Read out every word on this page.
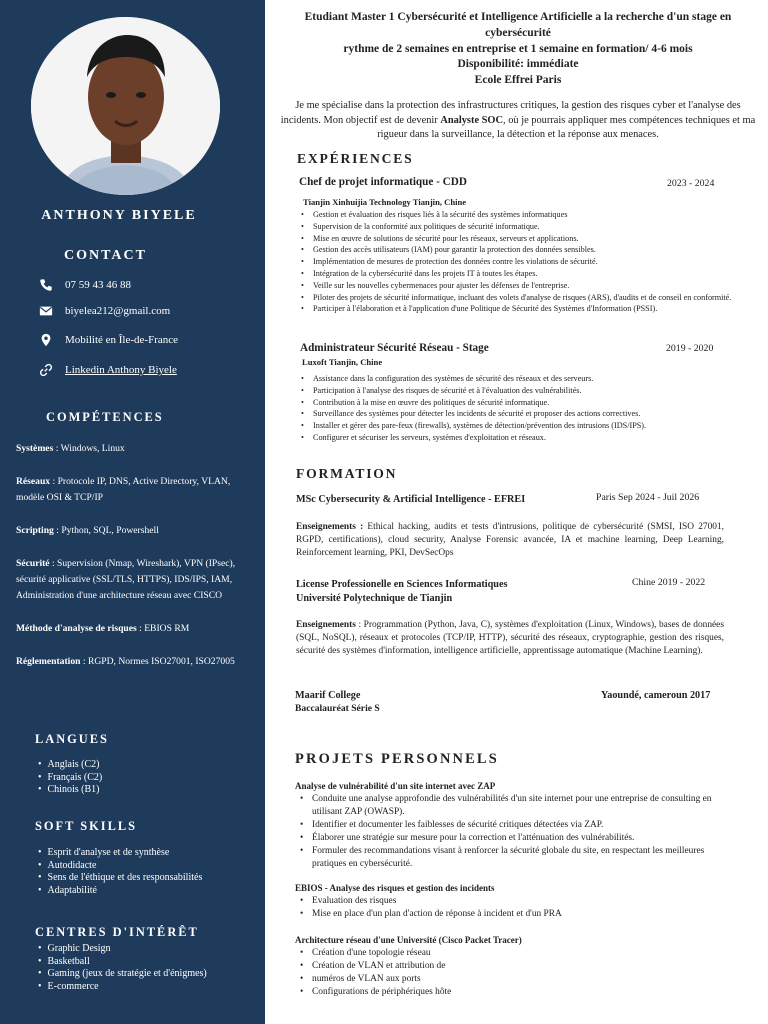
ANTHONY BIYELE
CONTACT
07 59 43 46 88
biyelea212@gmail.com
Mobilité en Île-de-France
Linkedin Anthony Biyele
COMPÉTENCES
Systèmes : Windows, Linux
Réseaux : Protocole IP, DNS, Active Directory, VLAN, modèle OSI & TCP/IP
Scripting : Python, SQL, Powershell
Sécurité : Supervision (Nmap, Wireshark), VPN (IPsec), sécurité applicative (SSL/TLS, HTTPS), IDS/IPS, IAM, Administration d'une architecture réseau avec CISCO
Méthode d'analyse de risques : EBIOS RM
Réglementation : RGPD, Normes ISO27001, ISO27005
LANGUES
• Anglais (C2)
• Français (C2)
• Chinois (B1)
SOFT SKILLS
• Esprit d'analyse et de synthèse
• Autodidacte
• Sens de l'éthique et des responsabilités
• Adaptabilité
CENTRES D'INTÉRÊT
• Graphic Design
• Basketball
• Gaming (jeux de stratégie et d'énigmes)
• E-commerce
Etudiant Master 1 Cybersécurité et Intelligence Artificielle a la recherche d'un stage en cybersécurité
rythme de 2 semaines en entreprise et 1 semaine en formation/ 4-6 mois
Disponibilité: immédiate
Ecole Effrei Paris

Je me spécialise dans la protection des infrastructures critiques, la gestion des risques cyber et l'analyse des incidents. Mon objectif est de devenir Analyste SOC, où je pourrais appliquer mes compétences techniques et ma rigueur dans la surveillance, la détection et la réponse aux menaces.

EXPÉRIENCES
Chef de projet informatique - CDD	2023 - 2024
Tianjin Xinhuijia Technology Tianjin, Chine
• Gestion et évaluation des risques liés à la sécurité des systèmes informatiques
• Supervision de la conformité aux politiques de sécurité informatique.
• Mise en œuvre de solutions de sécurité pour les réseaux, serveurs et applications.
• Gestion des accès utilisateurs (IAM) pour garantir la protection des données sensibles.
• Implémentation de mesures de protection des données contre les violations de sécurité.
• Intégration de la cybersécurité dans les projets IT à toutes les étapes.
• Veille sur les nouvelles cybermenaces pour ajuster les défenses de l'entreprise.
• Piloter des projets de sécurité informatique, incluant des volets d'analyse de risques (ARS), d'audits et de conseil en conformité.
• Participer à l'élaboration et à l'application d'une Politique de Sécurité des Systèmes d'Information (PSSI).
Administrateur Sécurité Réseau - Stage	2019 - 2020
Luxoft Tianjin, Chine
• Assistance dans la configuration des systèmes de sécurité des réseaux et des serveurs.
• Participation à l'analyse des risques de sécurité et à l'évaluation des vulnérabilités.
• Contribution à la mise en œuvre des politiques de sécurité informatique.
• Surveillance des systèmes pour détecter les incidents de sécurité et proposer des actions correctives.
• Installer et gérer des pare-feux (firewalls), systèmes de détection/prévention des intrusions (IDS/IPS).
• Configurer et sécuriser les serveurs, systèmes d'exploitation et réseaux.
FORMATION
MSc Cybersecurity & Artificial Intelligence - EFREI	Paris Sep 2024 - Juil 2026

Enseignements : Ethical hacking, audits et tests d'intrusions, politique de cybersécurité (SMSI, ISO 27001, RGPD, certifications), cloud security, Analyse Forensic avancée, IA et machine learning, Deep Learning, Reinforcement learning, PKI, DevSecOps

License Professionelle en Sciences Informatiques
Université Polytechnique de Tianjin
Chine 2019 - 2022

Enseignements : Programmation (Python, Java, C), systèmes d'exploitation (Linux, Windows), bases de données (SQL, NoSQL), réseaux et protocoles (TCP/IP, HTTP), sécurité des réseaux, cryptographie, gestion des risques, sécurité des systèmes d'information, intelligence artificielle, apprentissage automatique (Machine Learning).

Maarif College
Baccalauréat Série S
Yaoundé, cameroun 2017
PROJETS PERSONNELS
Analyse de vulnérabilité d'un site internet avec ZAP
• Conduite une analyse approfondie des vulnérabilités d'un site internet pour une entreprise de consulting en utilisant ZAP (OWASP).
• Identifier et documenter les faiblesses de sécurité critiques détectées via ZAP.
• Élaborer une stratégie sur mesure pour la correction et l'atténuation des vulnérabilités.
• Formuler des recommandations visant à renforcer la sécurité globale du site, en respectant les meilleures pratiques en cybersécurité.
EBIOS - Analyse des risques et gestion des incidents
• Evaluation des risques
• Mise en place d'un plan d'action de réponse à incident et d'un PRA
Architecture réseau d'une Université (Cisco Packet Tracer)
• Création d'une topologie réseau
• Création de VLAN et attribution de
• numéros de VLAN aux ports
• Configurations de périphériques hôte
